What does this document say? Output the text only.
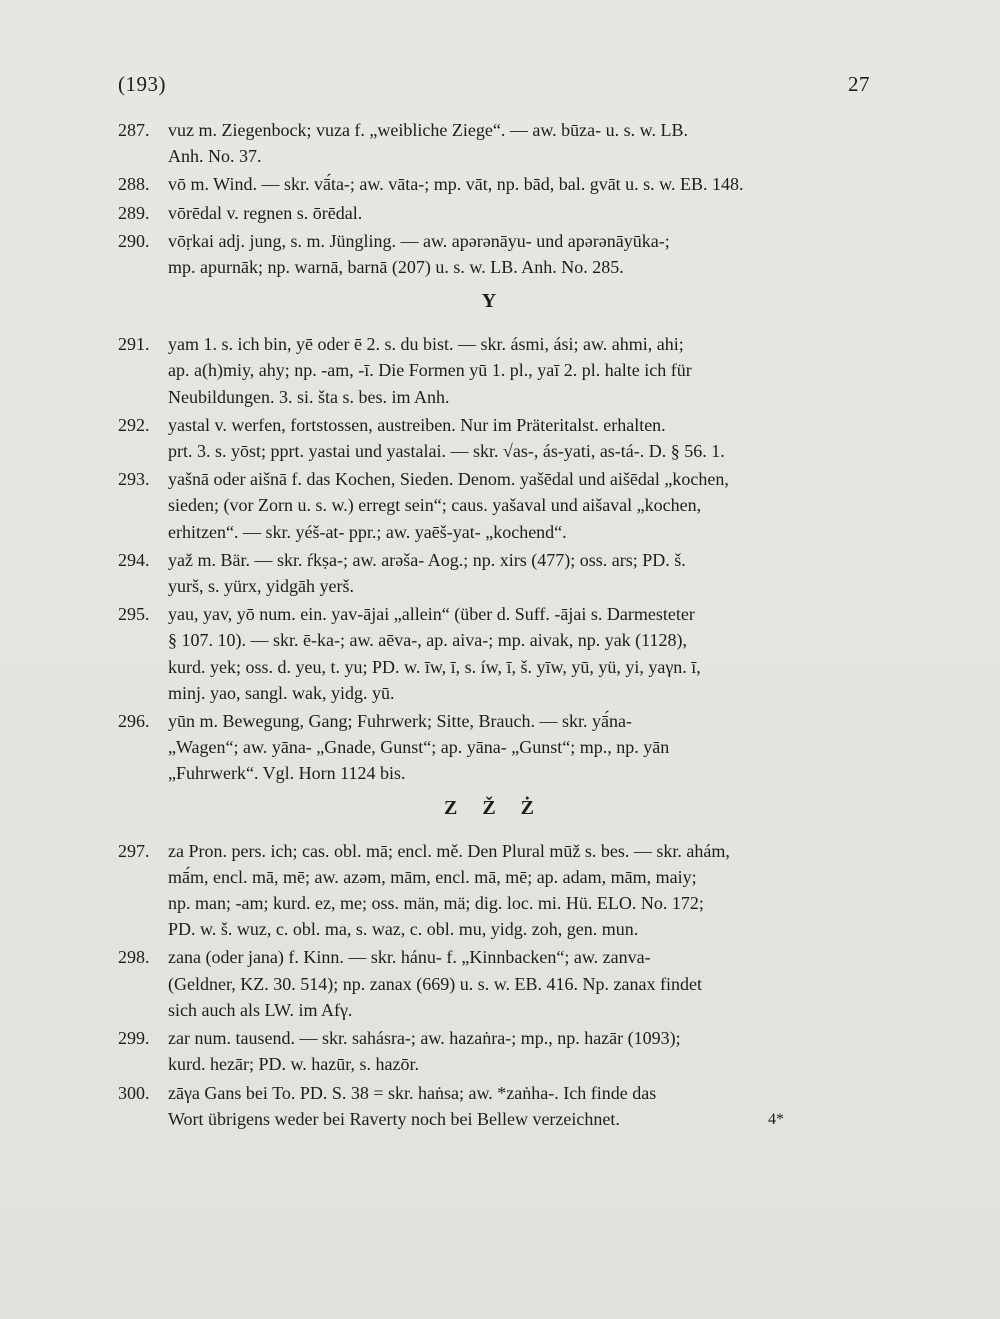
(193)	27
287.	vuz m. Ziegenbock; vuza f. „weibliche Ziege“. — aw. būza- u. s. w. LB.
Anh. No. 37.
288.	vō m. Wind. — skr. vā́ta-; aw. vāta-; mp. vāt, np. bād, bal. gvāt u. s. w. EB. 148.
289.	vōrēdal v. regnen s. ōrēdal.
290.	vōṛkai adj. jung, s. m. Jüngling. — aw. apərənāyu- und apərənāyūka-;
mp. apurnāk; np. warnā, barnā (207) u. s. w. LB. Anh. No. 285.
Y
291.	yam 1. s. ich bin, yē oder ē 2. s. du bist. — skr. ásmi, ási; aw. ahmi, ahi;
ap. a(h)miy, ahy; np. -am, -ī. Die Formen yū 1. pl., yaī 2. pl. halte ich für
Neubildungen. 3. si. šta s. bes. im Anh.
292.	yastal v. werfen, fortstossen, austreiben. Nur im Präteritalst. erhalten.
prt. 3. s. yōst; pprt. yastai und yastalai. — skr. √as-, ás-yati, as-tá-. D. § 56. 1.
293.	yašnā oder aišnā f. das Kochen, Sieden. Denom. yašēdal und aišēdal „kochen,
sieden; (vor Zorn u. s. w.) erregt sein“; caus. yašaval und aišaval „kochen,
erhitzen“. — skr. yéš-at- ppr.; aw. yaēš-yat- „kochend“.
294.	yaž m. Bär. — skr. ŕkṣa-; aw. arəša- Aog.; np. xirs (477); oss. ars; PD. š.
yurš, s. yürx, yidgāh yerš.
295.	yau, yav, yō num. ein. yav-ājai „allein“ (über d. Suff. -ājai s. Darmesteter
§ 107. 10). — skr. ē-ka-; aw. aēva-, ap. aiva-; mp. aivak, np. yak (1128),
kurd. yek; oss. d. yeu, t. yu; PD. w. īw, ī, s. íw, ī, š. yīw, yū, yü, yi, yaγn. ī,
minj. yao, sangl. wak, yidg. yū.
296.	yūn m. Bewegung, Gang; Fuhrwerk; Sitte, Brauch. — skr. yā́na-
„Wagen“; aw. yāna- „Gnade, Gunst“; ap. yāna- „Gunst“; mp., np. yān
„Fuhrwerk“. Vgl. Horn 1124 bis.
Z Ž Ż
297.	za Pron. pers. ich; cas. obl. mā; encl. mě. Den Plural mūž s. bes. — skr. ahám,
mā́m, encl. mā, mē; aw. azəm, mām, encl. mā, mē; ap. adam, mām, maiy;
np. man; -am; kurd. ez, me; oss. män, mä; dig. loc. mi. Hü. ELO. No. 172;
PD. w. š. wuz, c. obl. ma, s. waz, c. obl. mu, yidg. zoh, gen. mun.
298.	zana (oder jana) f. Kinn. — skr. hánu- f. „Kinnbacken“; aw. zanva-
(Geldner, KZ. 30. 514); np. zanax (669) u. s. w. EB. 416. Np. zanax findet
sich auch als LW. im Afγ.
299.	zar num. tausend. — skr. sahásra-; aw. hazaṅra-; mp., np. hazār (1093);
kurd. hezār; PD. w. hazūr, s. hazōr.
300.	zāγa Gans bei To. PD. S. 38 = skr. haṅsa; aw. *zaṅha-. Ich finde das
Wort übrigens weder bei Raverty noch bei Bellew verzeichnet.	4*
